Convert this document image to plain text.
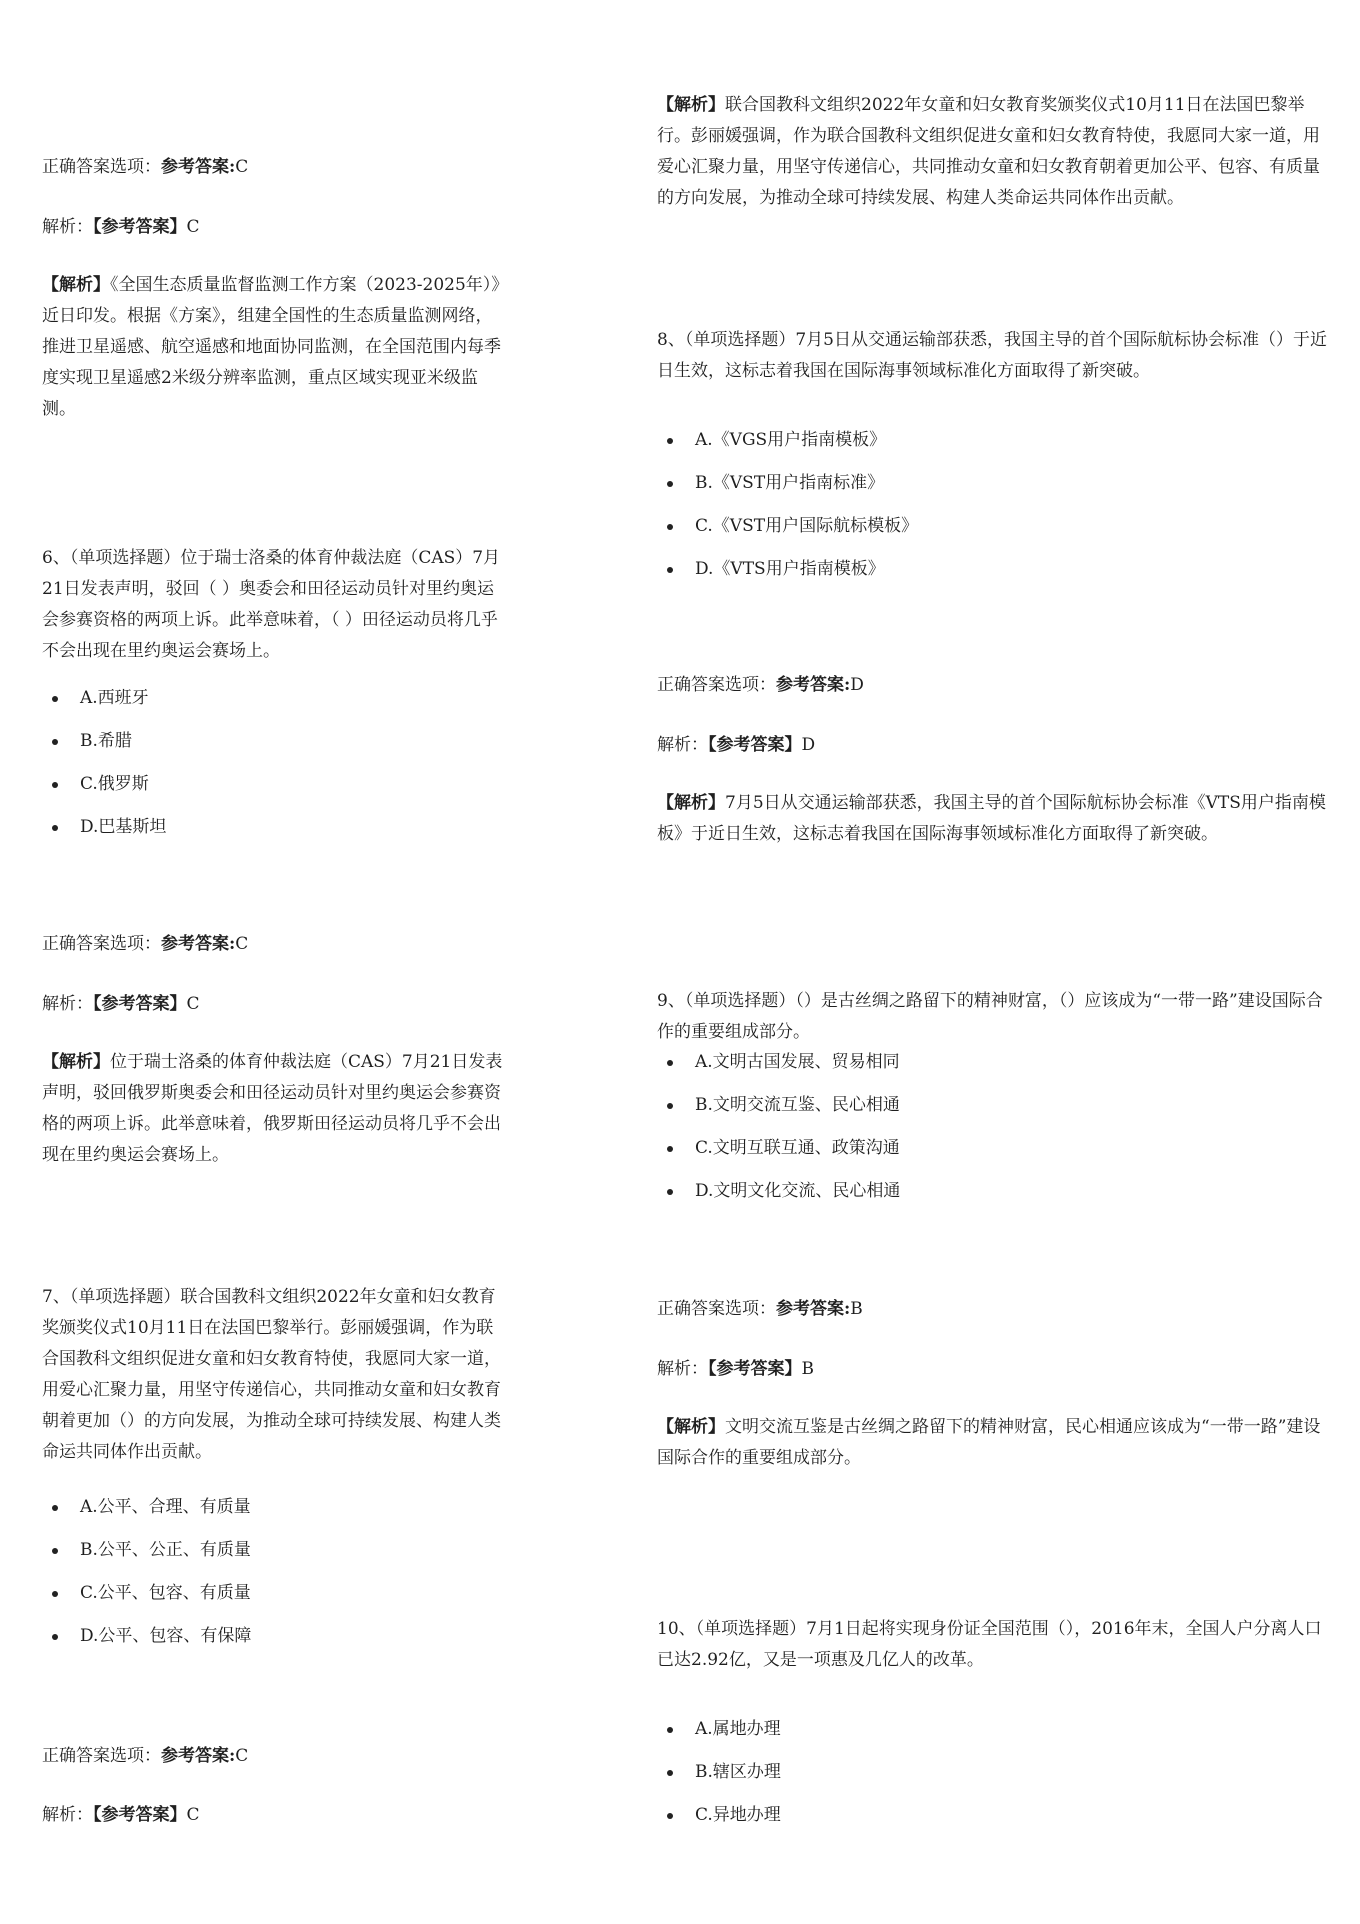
正确答案选项：参考答案:C
解析：【参考答案】C
【解析】《全国生态质量监督监测工作方案（2023-2025年）》近日印发。根据《方案》，组建全国性的生态质量监测网络，推进卫星遥感、航空遥感和地面协同监测，在全国范围内每季度实现卫星遥感2米级分辨率监测，重点区域实现亚米级监测。
6、（单项选择题）位于瑞士洛桑的体育仲裁法庭（CAS）7月21日发表声明，驳回（ ）奥委会和田径运动员针对里约奥运会参赛资格的两项上诉。此举意味着，（ ）田径运动员将几乎不会出现在里约奥运会赛场上。
A.西班牙
B.希腊
C.俄罗斯
D.巴基斯坦
正确答案选项：参考答案:C
解析：【参考答案】C
【解析】位于瑞士洛桑的体育仲裁法庭（CAS）7月21日发表声明，驳回俄罗斯奥委会和田径运动员针对里约奥运会参赛资格的两项上诉。此举意味着，俄罗斯田径运动员将几乎不会出现在里约奥运会赛场上。
7、（单项选择题）联合国教科文组织2022年女童和妇女教育奖颁奖仪式10月11日在法国巴黎举行。彭丽媛强调，作为联合国教科文组织促进女童和妇女教育特使，我愿同大家一道，用爱心汇聚力量，用坚守传递信心，共同推动女童和妇女教育朝着更加（）的方向发展，为推动全球可持续发展、构建人类命运共同体作出贡献。
A.公平、合理、有质量
B.公平、公正、有质量
C.公平、包容、有质量
D.公平、包容、有保障
正确答案选项：参考答案:C
解析：【参考答案】C
【解析】联合国教科文组织2022年女童和妇女教育奖颁奖仪式10月11日在法国巴黎举行。彭丽媛强调，作为联合国教科文组织促进女童和妇女教育特使，我愿同大家一道，用爱心汇聚力量，用坚守传递信心，共同推动女童和妇女教育朝着更加公平、包容、有质量的方向发展，为推动全球可持续发展、构建人类命运共同体作出贡献。
8、（单项选择题）7月5日从交通运输部获悉，我国主导的首个国际航标协会标准（）于近日生效，这标志着我国在国际海事领域标准化方面取得了新突破。
A.《VGS用户指南模板》
B.《VST用户指南标准》
C.《VST用户国际航标模板》
D.《VTS用户指南模板》
正确答案选项：参考答案:D
解析：【参考答案】D
【解析】7月5日从交通运输部获悉，我国主导的首个国际航标协会标准《VTS用户指南模板》于近日生效，这标志着我国在国际海事领域标准化方面取得了新突破。
9、（单项选择题）（）是古丝绸之路留下的精神财富，（）应该成为“一带一路”建设国际合作的重要组成部分。
A.文明古国发展、贸易相同
B.文明交流互鉴、民心相通
C.文明互联互通、政策沟通
D.文明文化交流、民心相通
正确答案选项：参考答案:B
解析：【参考答案】B
【解析】文明交流互鉴是古丝绸之路留下的精神财富，民心相通应该成为“一带一路”建设国际合作的重要组成部分。
10、（单项选择题）7月1日起将实现身份证全国范围（），2016年末，全国人户分离人口已达2.92亿，又是一项惠及几亿人的改革。
A.属地办理
B.辖区办理
C.异地办理
